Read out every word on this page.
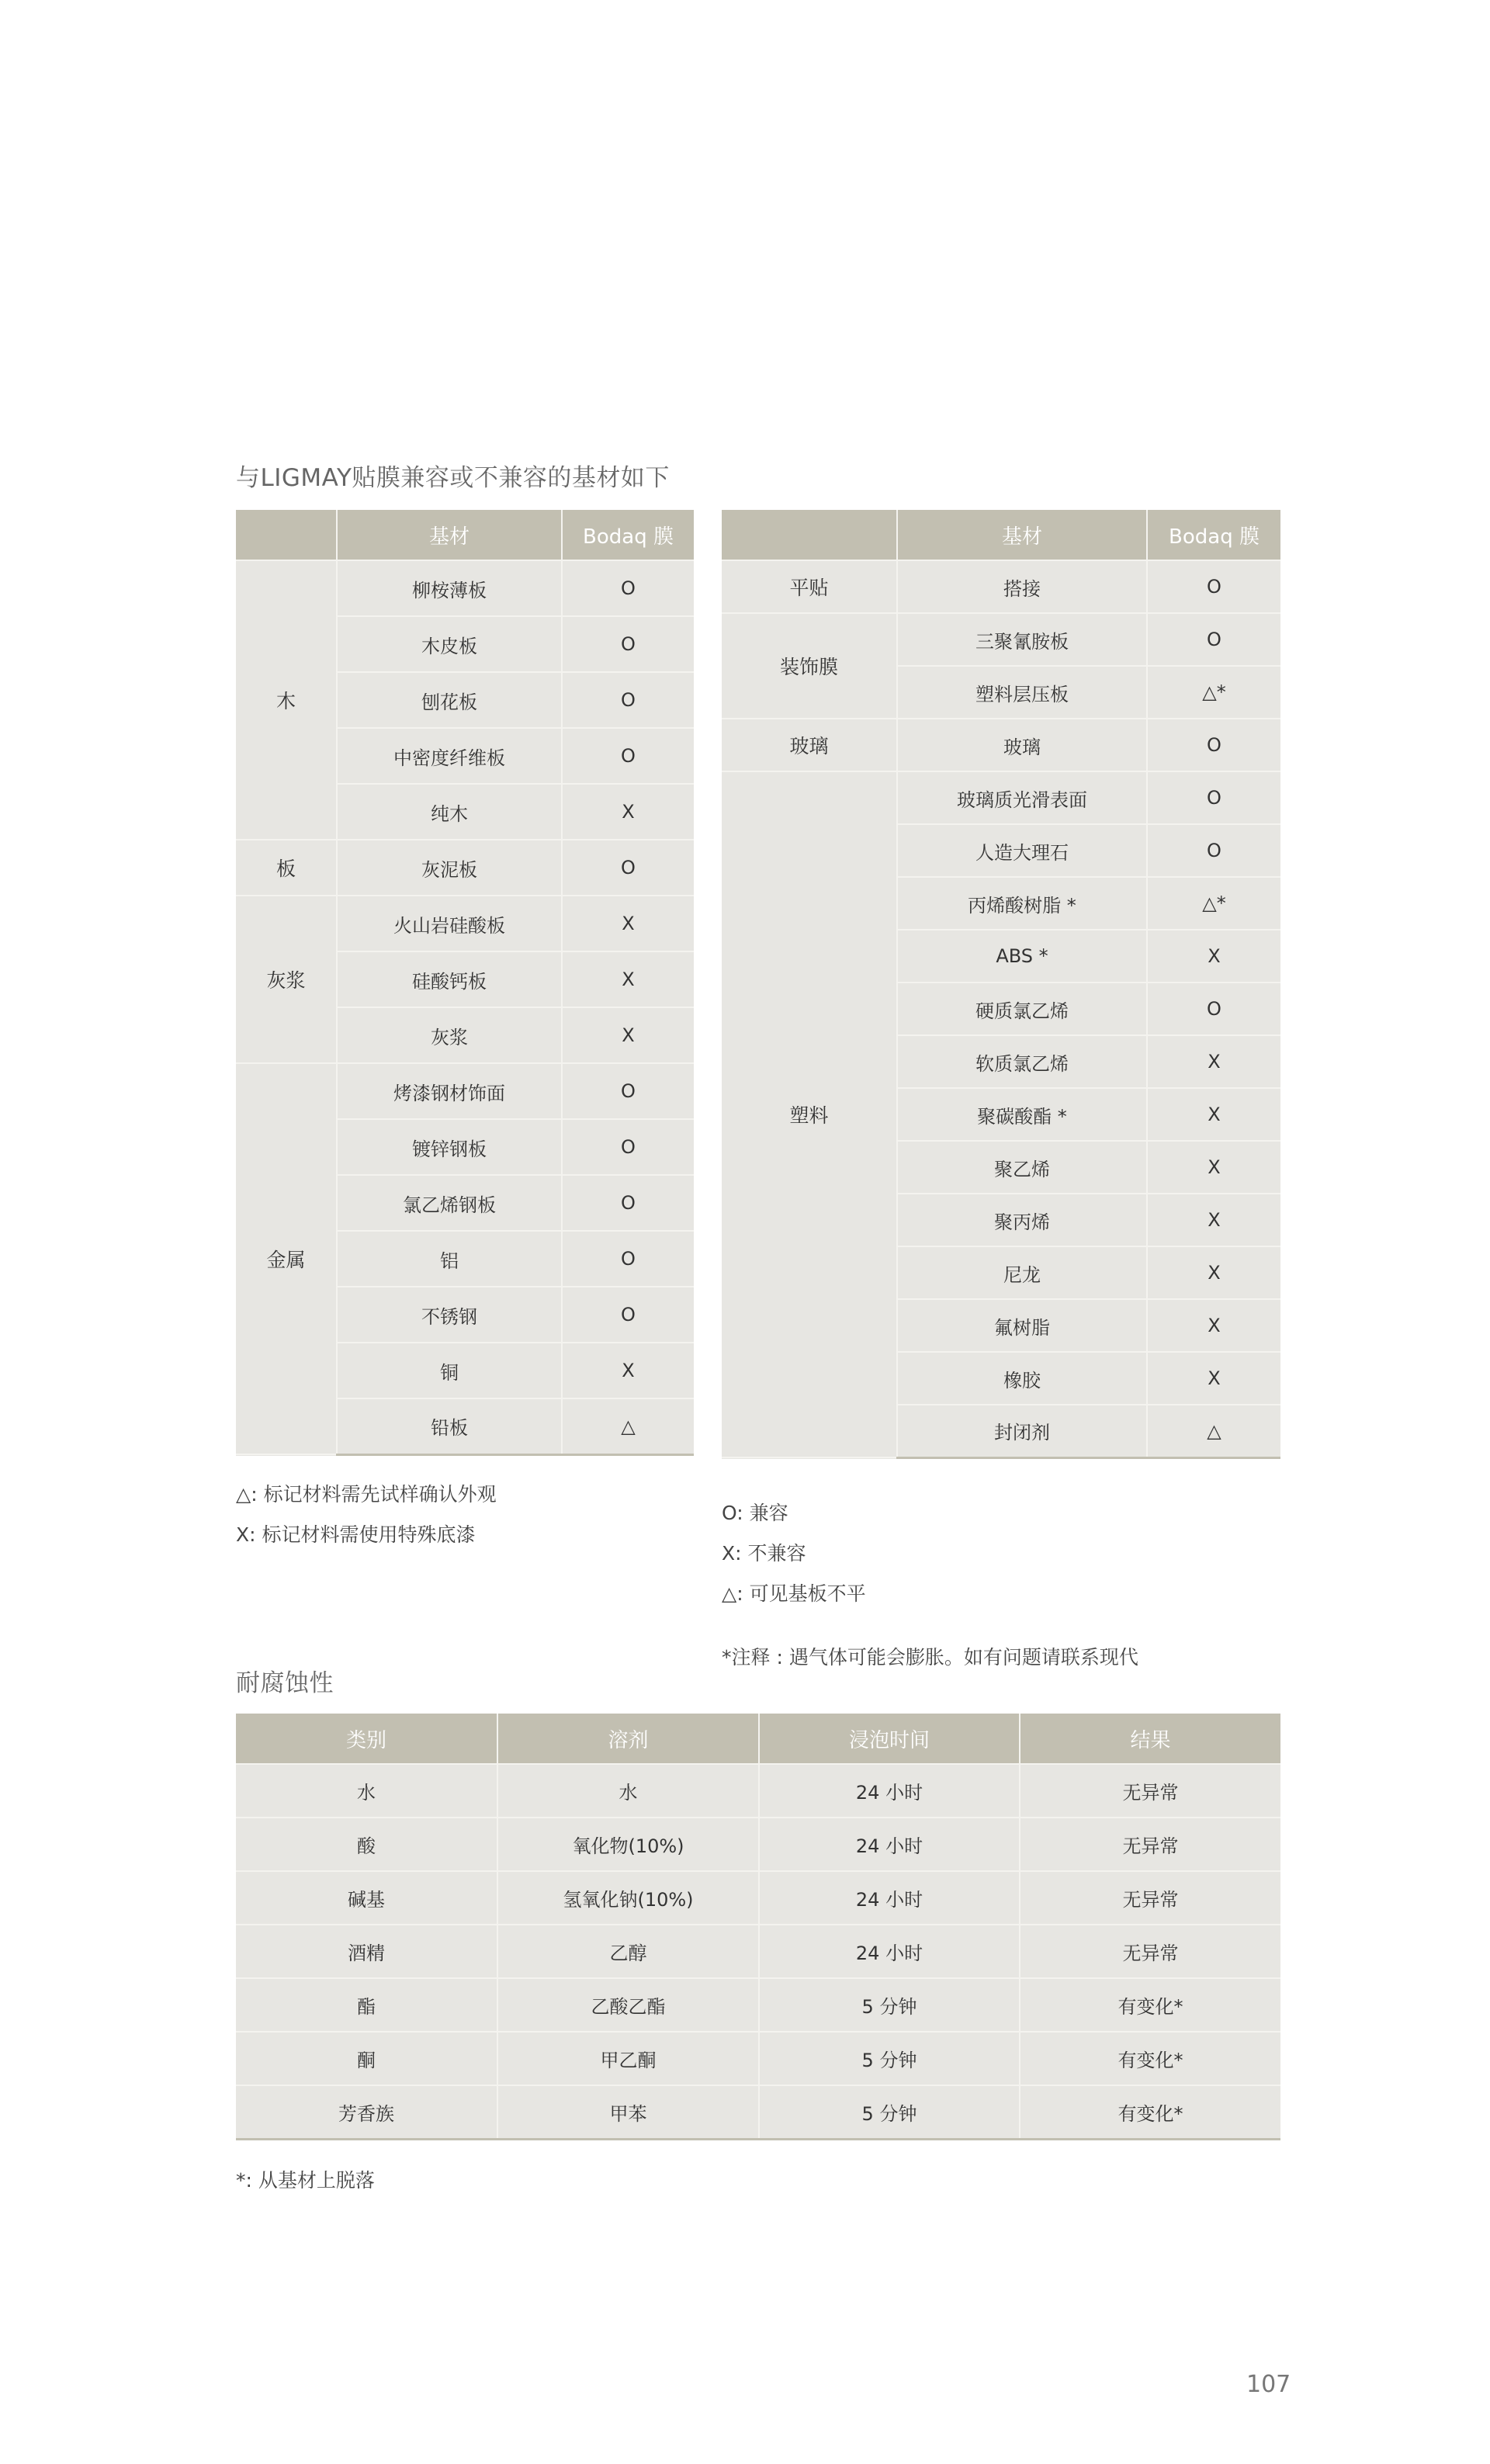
与LIGMAY贴膜兼容或不兼容的基材如下
	基材	Bodaq 膜
木	柳桉薄板	O
	木皮板	O
	刨花板	O
	中密度纤维板	O
	纯木	X
板	灰泥板	O
灰浆	火山岩硅酸板	X
	硅酸钙板	X
	灰浆	X
金属	烤漆钢材饰面	O
	镀锌钢板	O
	氯乙烯钢板	O
	铝	O
	不锈钢	O
	铜	X
	铅板	△
	基材	Bodaq 膜
平贴	搭接	O
装饰膜	三聚氰胺板	O
	塑料层压板	△*
玻璃	玻璃	O
塑料	玻璃质光滑表面	O
	人造大理石	O
	丙烯酸树脂 *	△*
	ABS *	X
	硬质氯乙烯	O
	软质氯乙烯	X
	聚碳酸酯 *	X
	聚乙烯	X
	聚丙烯	X
	尼龙	X
	氟树脂	X
	橡胶	X
	封闭剂	△
△: 标记材料需先试样确认外观
X: 标记材料需使用特殊底漆
O: 兼容
X: 不兼容
△: 可见基板不平
*注释 : 遇气体可能会膨胀。如有问题请联系现代
耐腐蚀性
类别	溶剂	浸泡时间	结果
水	水	24 小时	无异常
酸	氧化物(10%)	24 小时	无异常
碱基	氢氧化钠(10%)	24 小时	无异常
酒精	乙醇	24 小时	无异常
酯	乙酸乙酯	5 分钟	有变化*
酮	甲乙酮	5 分钟	有变化*
芳香族	甲苯	5 分钟	有变化*
*: 从基材上脱落
107
